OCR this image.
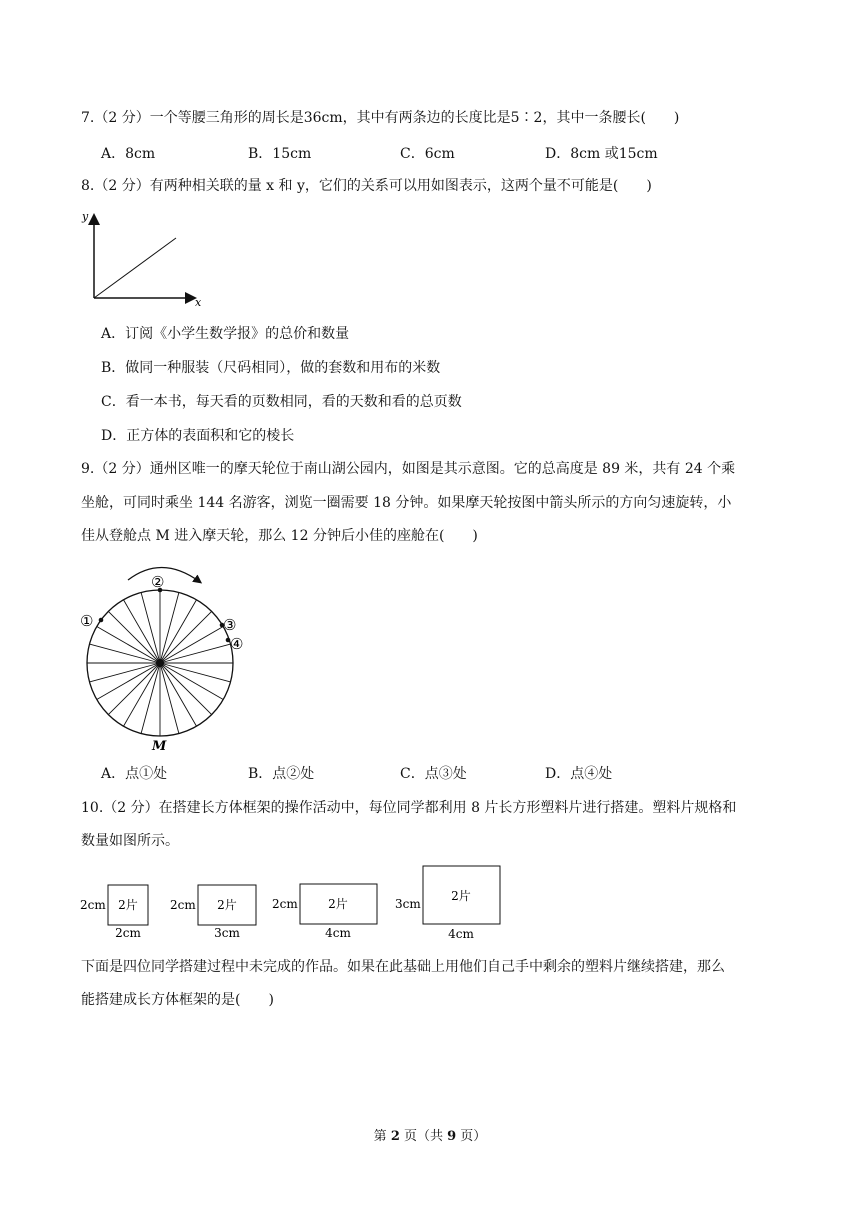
7.（2 分）一个等腰三角形的周长是36cm，其中有两条边的长度比是5∶2，其中一条腰长(　　)
A．8cm	B．15cm	C．6cm	D．8cm 或15cm
8.（2 分）有两种相关联的量 x 和 y，它们的关系可以用如图表示，这两个量不可能是(　　)
y
x
A．订阅《小学生数学报》的总价和数量
B．做同一种服装（尺码相同），做的套数和用布的米数
C．看一本书，每天看的页数相同，看的天数和看的总页数
D．正方体的表面积和它的棱长
9.（2 分）通州区唯一的摩天轮位于南山湖公园内，如图是其示意图。它的总高度是 89 米，共有 24 个乘
坐舱，可同时乘坐 144 名游客，浏览一圈需要 18 分钟。如果摩天轮按图中箭头所示的方向匀速旋转，小
佳从登舱点 M 进入摩天轮，那么 12 分钟后小佳的座舱在(　　)
①
②
③
④
M
A．点①处	B．点②处	C．点③处	D．点④处
10.（2 分）在搭建长方体框架的操作活动中，每位同学都利用 8 片长方形塑料片进行搭建。塑料片规格和
数量如图所示。
2片
2cm
2cm
2片
2cm
3cm
2片
2cm
4cm
2片
3cm
4cm
下面是四位同学搭建过程中未完成的作品。如果在此基础上用他们自己手中剩余的塑料片继续搭建，那么
能搭建成长方体框架的是(　　)
第 2 页（共 9 页）
